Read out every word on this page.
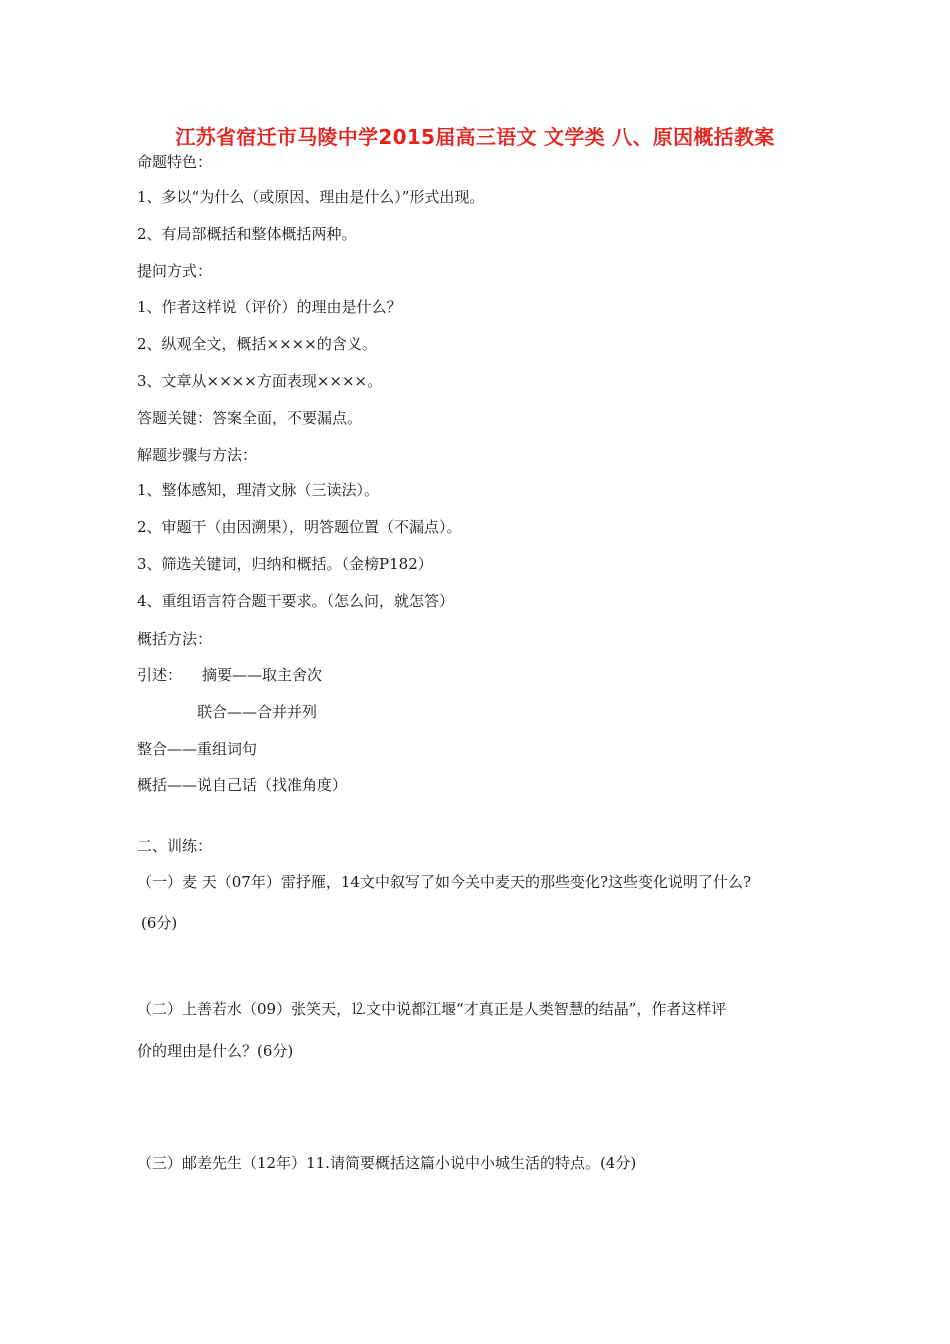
江苏省宿迁市马陵中学2015届高三语文 文学类 八、原因概括教案
命题特色：
1、多以“为什么（或原因、理由是什么）”形式出现。
2、有局部概括和整体概括两种。
提问方式：
1、作者这样说（评价）的理由是什么？
2、纵观全文，概括××××的含义。
3、文章从××××方面表现××××。
答题关键：答案全面，不要漏点。
解题步骤与方法：
1、整体感知，理清文脉（三读法）。
2、审题干（由因溯果），明答题位置（不漏点）。
3、筛选关键词，归纳和概括。（金榜P182）
4、重组语言符合题干要求。（怎么问，就怎答）
概括方法：
引述： 摘要——取主舍次
联合——合并并列
整合——重组词句
概括——说自己话（找准角度）
二、训练：
（一）麦 天（07年）雷抒雁，14文中叙写了如今关中麦天的那些变化?这些变化说明了什么?
(6分)
（二）上善若水（09）张笑天，⒓文中说都江堰“才真正是人类智慧的结晶”，作者这样评
价的理由是什么？(6分)
（三）邮差先生（12年）11.请简要概括这篇小说中小城生活的特点。(4分)
